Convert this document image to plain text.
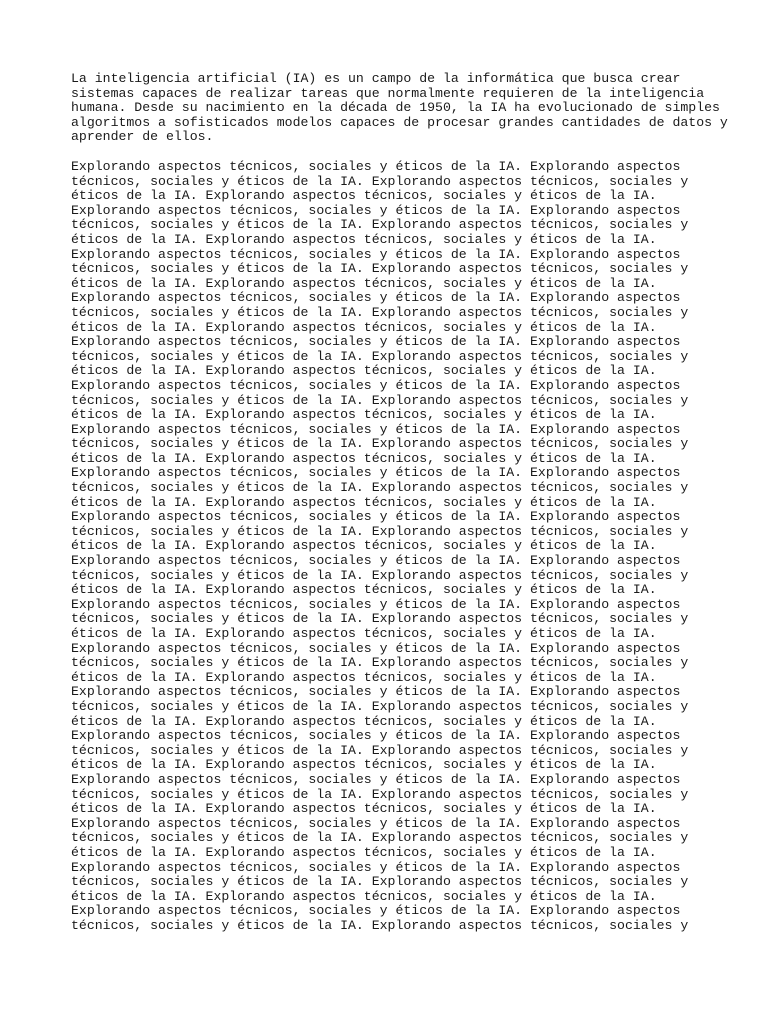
La inteligencia artificial (IA) es un campo de la informática que busca crear
sistemas capaces de realizar tareas que normalmente requieren de la inteligencia
humana. Desde su nacimiento en la década de 1950, la IA ha evolucionado de simples
algoritmos a sofisticados modelos capaces de procesar grandes cantidades de datos y
aprender de ellos.
Explorando aspectos técnicos, sociales y éticos de la IA. Explorando aspectos
técnicos, sociales y éticos de la IA. Explorando aspectos técnicos, sociales y
éticos de la IA. Explorando aspectos técnicos, sociales y éticos de la IA.
Explorando aspectos técnicos, sociales y éticos de la IA. Explorando aspectos
técnicos, sociales y éticos de la IA. Explorando aspectos técnicos, sociales y
éticos de la IA. Explorando aspectos técnicos, sociales y éticos de la IA.
Explorando aspectos técnicos, sociales y éticos de la IA. Explorando aspectos
técnicos, sociales y éticos de la IA. Explorando aspectos técnicos, sociales y
éticos de la IA. Explorando aspectos técnicos, sociales y éticos de la IA.
Explorando aspectos técnicos, sociales y éticos de la IA. Explorando aspectos
técnicos, sociales y éticos de la IA. Explorando aspectos técnicos, sociales y
éticos de la IA. Explorando aspectos técnicos, sociales y éticos de la IA.
Explorando aspectos técnicos, sociales y éticos de la IA. Explorando aspectos
técnicos, sociales y éticos de la IA. Explorando aspectos técnicos, sociales y
éticos de la IA. Explorando aspectos técnicos, sociales y éticos de la IA.
Explorando aspectos técnicos, sociales y éticos de la IA. Explorando aspectos
técnicos, sociales y éticos de la IA. Explorando aspectos técnicos, sociales y
éticos de la IA. Explorando aspectos técnicos, sociales y éticos de la IA.
Explorando aspectos técnicos, sociales y éticos de la IA. Explorando aspectos
técnicos, sociales y éticos de la IA. Explorando aspectos técnicos, sociales y
éticos de la IA. Explorando aspectos técnicos, sociales y éticos de la IA.
Explorando aspectos técnicos, sociales y éticos de la IA. Explorando aspectos
técnicos, sociales y éticos de la IA. Explorando aspectos técnicos, sociales y
éticos de la IA. Explorando aspectos técnicos, sociales y éticos de la IA.
Explorando aspectos técnicos, sociales y éticos de la IA. Explorando aspectos
técnicos, sociales y éticos de la IA. Explorando aspectos técnicos, sociales y
éticos de la IA. Explorando aspectos técnicos, sociales y éticos de la IA.
Explorando aspectos técnicos, sociales y éticos de la IA. Explorando aspectos
técnicos, sociales y éticos de la IA. Explorando aspectos técnicos, sociales y
éticos de la IA. Explorando aspectos técnicos, sociales y éticos de la IA.
Explorando aspectos técnicos, sociales y éticos de la IA. Explorando aspectos
técnicos, sociales y éticos de la IA. Explorando aspectos técnicos, sociales y
éticos de la IA. Explorando aspectos técnicos, sociales y éticos de la IA.
Explorando aspectos técnicos, sociales y éticos de la IA. Explorando aspectos
técnicos, sociales y éticos de la IA. Explorando aspectos técnicos, sociales y
éticos de la IA. Explorando aspectos técnicos, sociales y éticos de la IA.
Explorando aspectos técnicos, sociales y éticos de la IA. Explorando aspectos
técnicos, sociales y éticos de la IA. Explorando aspectos técnicos, sociales y
éticos de la IA. Explorando aspectos técnicos, sociales y éticos de la IA.
Explorando aspectos técnicos, sociales y éticos de la IA. Explorando aspectos
técnicos, sociales y éticos de la IA. Explorando aspectos técnicos, sociales y
éticos de la IA. Explorando aspectos técnicos, sociales y éticos de la IA.
Explorando aspectos técnicos, sociales y éticos de la IA. Explorando aspectos
técnicos, sociales y éticos de la IA. Explorando aspectos técnicos, sociales y
éticos de la IA. Explorando aspectos técnicos, sociales y éticos de la IA.
Explorando aspectos técnicos, sociales y éticos de la IA. Explorando aspectos
técnicos, sociales y éticos de la IA. Explorando aspectos técnicos, sociales y
éticos de la IA. Explorando aspectos técnicos, sociales y éticos de la IA.
Explorando aspectos técnicos, sociales y éticos de la IA. Explorando aspectos
técnicos, sociales y éticos de la IA. Explorando aspectos técnicos, sociales y
éticos de la IA. Explorando aspectos técnicos, sociales y éticos de la IA.
Explorando aspectos técnicos, sociales y éticos de la IA. Explorando aspectos
técnicos, sociales y éticos de la IA. Explorando aspectos técnicos, sociales y
